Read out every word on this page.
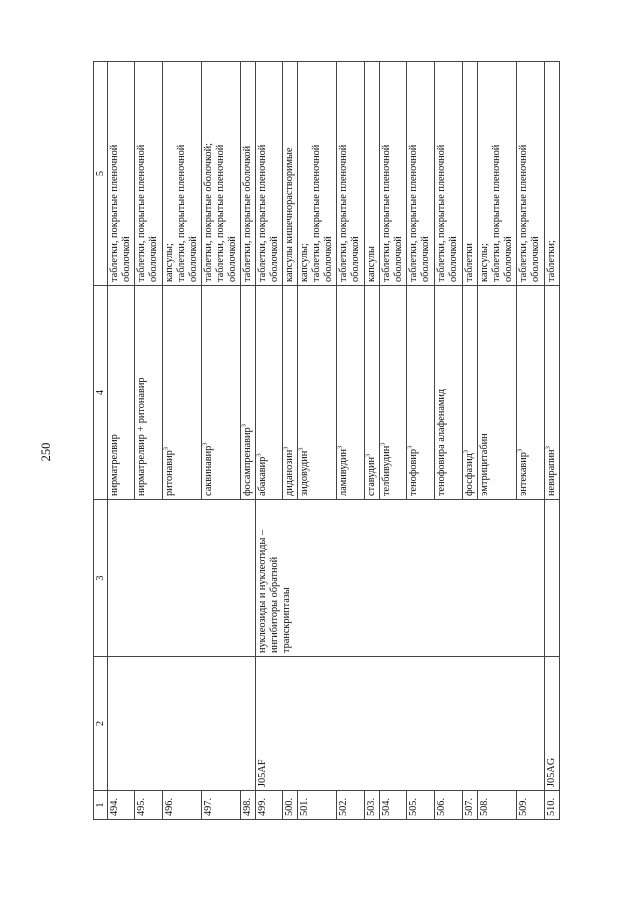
250
1	2	3	4	5
494.			нирматрелвир	таблетки, покрытые пленочной оболочкой

495.			нирматрелвир + ритонавир	таблетки, покрытые пленочной оболочкой

496.			ритонавир$^3$	капсулы; таблетки, покрытые пленочной оболочкой

497.			саквинавир$^3$	таблетки, покрытые оболочкой; таблетки, покрытые пленочной оболочкой

498.			фосампренавир$^3$	таблетки, покрытые оболочкой

499.	J05AF	нуклеозиды и нуклеотиды – ингибиторы обратной транскриптазы	абакавир$^3$	таблетки, покрытые пленочной оболочкой

500.			диданозин$^3$	капсулы кишечнорастворимые

501.			зидовудин$^3$	капсулы; таблетки, покрытые пленочной оболочкой

502.			ламивудин$^3$	таблетки, покрытые пленочной оболочкой

503.			ставудин$^3$	капсулы

504.			телбивудин$^3$	таблетки, покрытые пленочной оболочкой

505.			тенофовир$^3$	таблетки, покрытые пленочной оболочкой

506.			тенофовира алафенамид	таблетки, покрытые пленочной оболочкой

507.			фосфазид$^3$	таблетки

508.			эмтрицитабин	капсулы; таблетки, покрытые пленочной оболочкой

509.			энтекавир$^3$	таблетки, покрытые пленочной оболочкой

510.	J05AG		невирапин$^3$	таблетки;
